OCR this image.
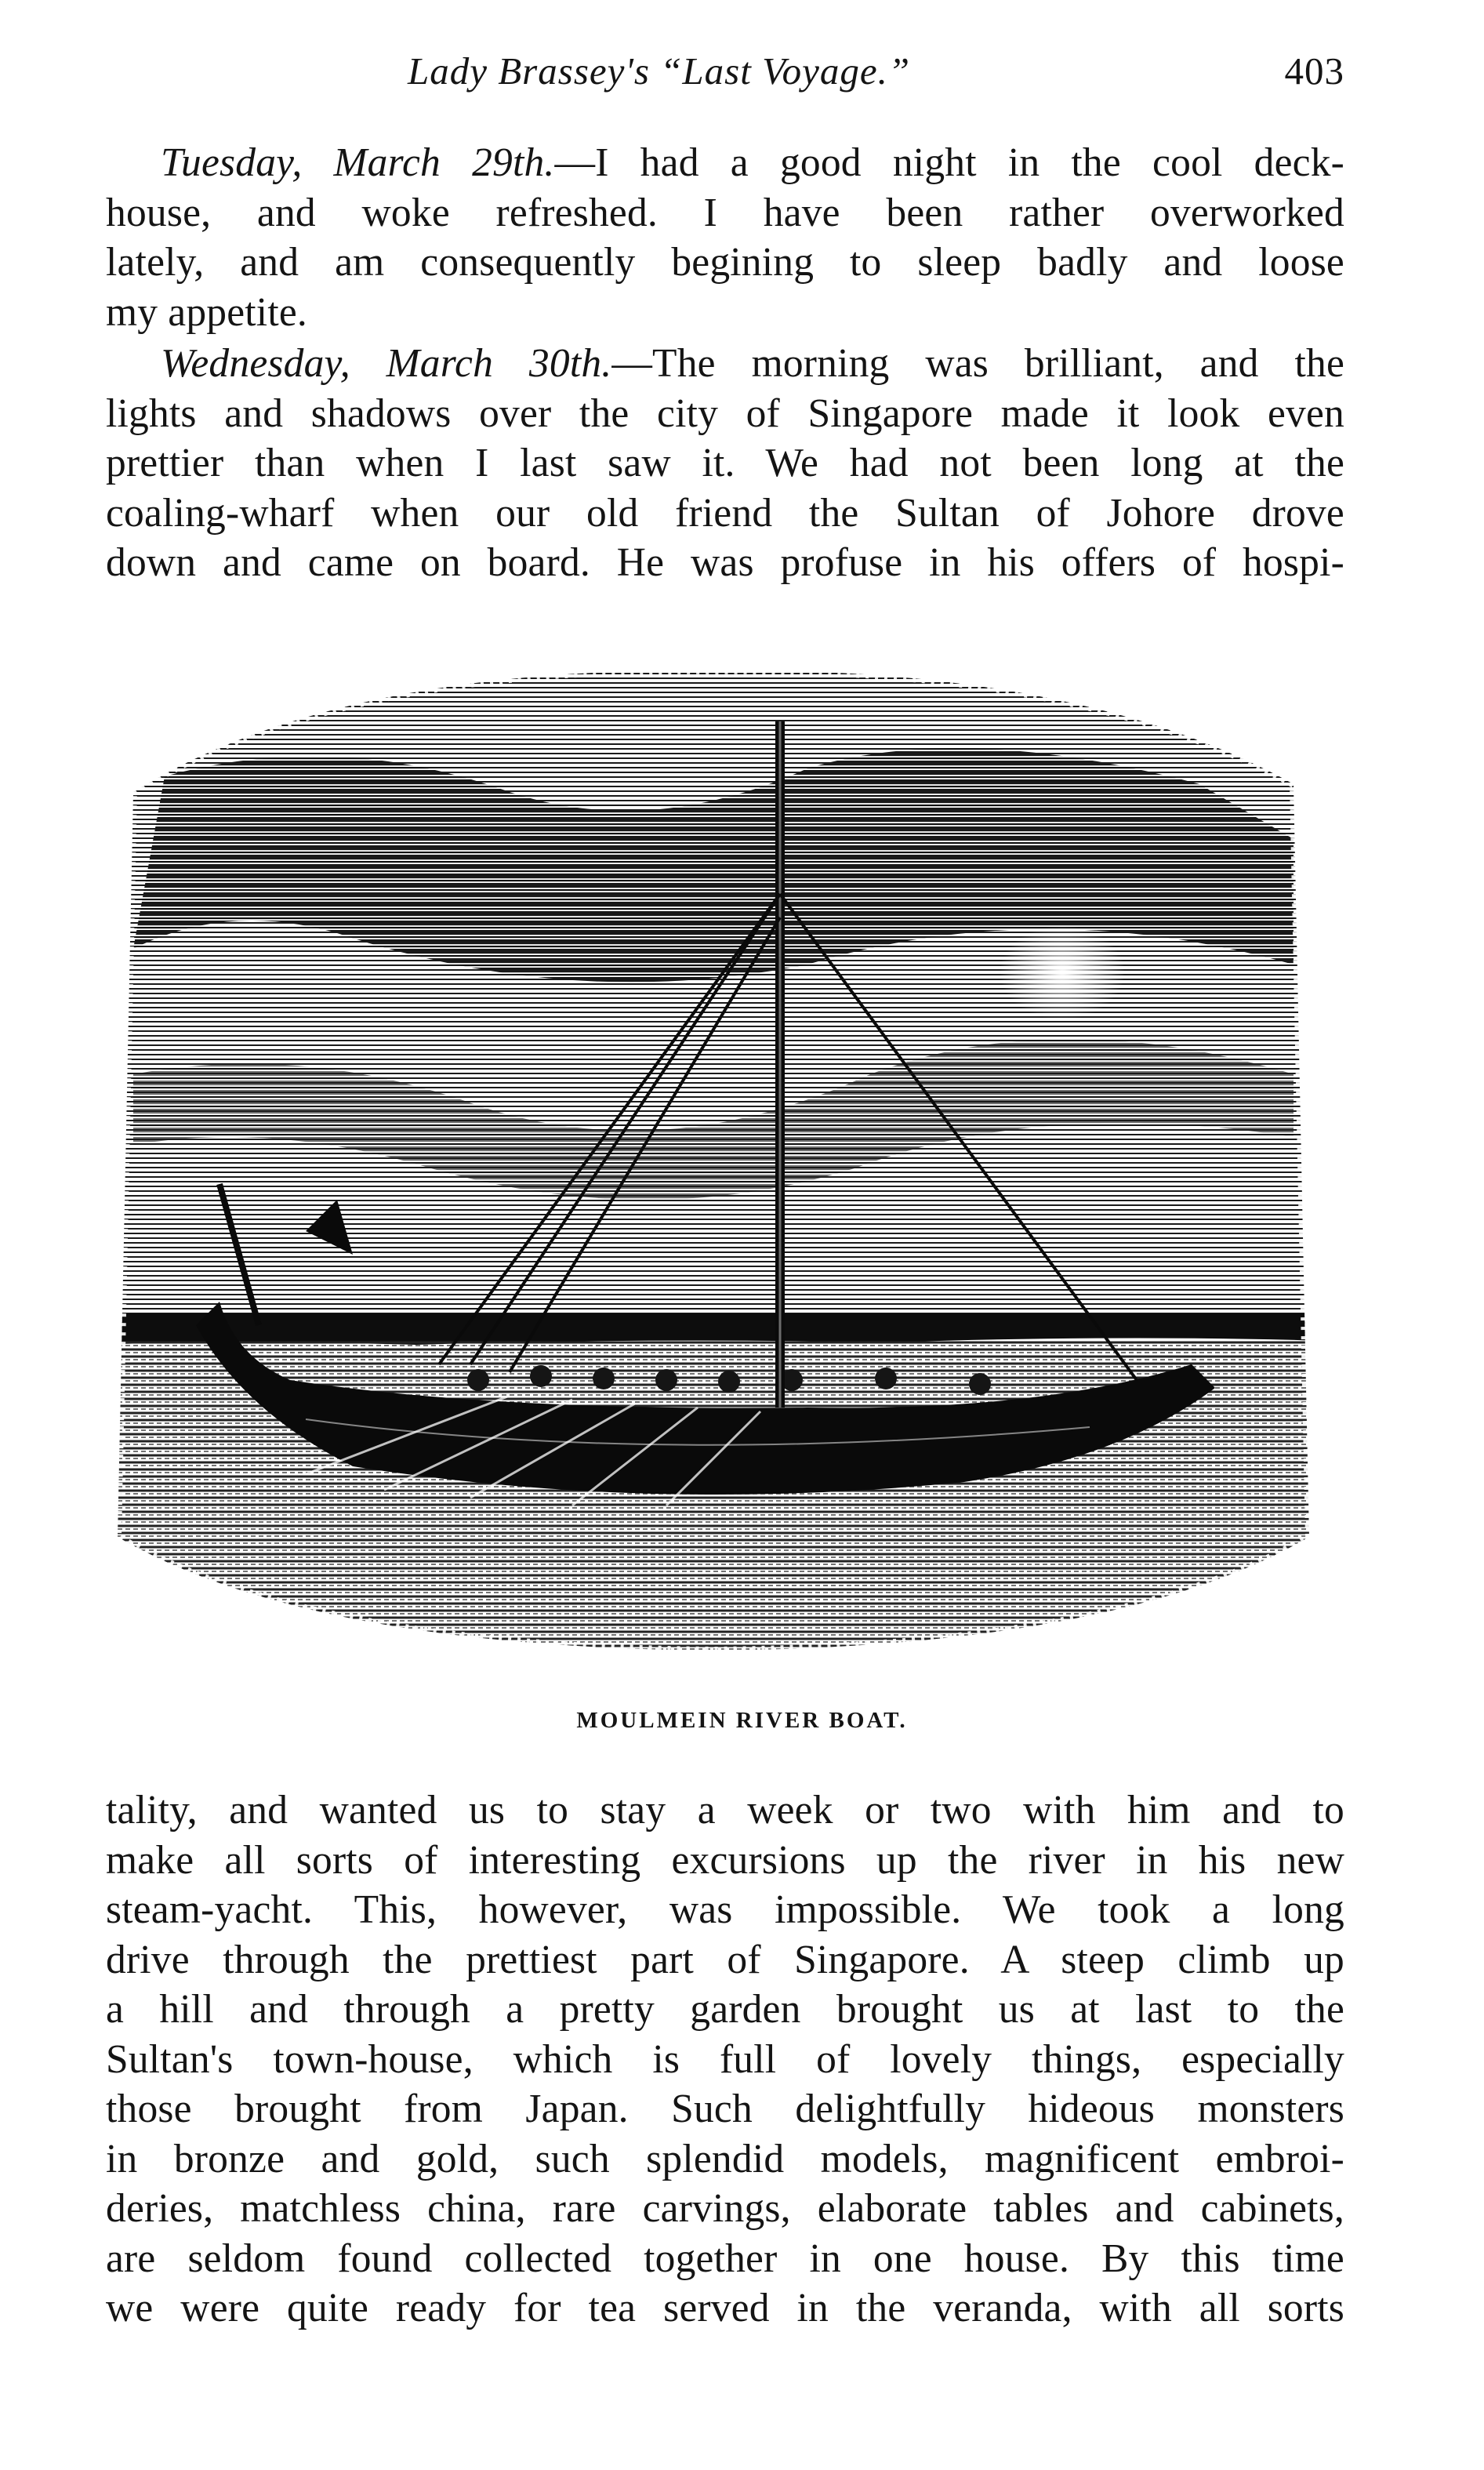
Lady Brassey's “Last Voyage.”	403

Tuesday, March 29th.—I had a good night in the cool deck-
house, and woke refreshed. I have been rather overworked
lately, and am consequently begining to sleep badly and loose
my appetite.

Wednesday, March 30th.—The morning was brilliant, and the
lights and shadows over the city of Singapore made it look even
prettier than when I last saw it. We had not been long at the
coaling-wharf when our old friend the Sultan of Johore drove
down and came on board. He was profuse in his offers of hospi-

MOULMEIN RIVER BOAT.

tality, and wanted us to stay a week or two with him and to
make all sorts of interesting excursions up the river in his new
steam-yacht. This, however, was impossible. We took a long
drive through the prettiest part of Singapore. A steep climb up
a hill and through a pretty garden brought us at last to the
Sultan's town-house, which is full of lovely things, especially
those brought from Japan. Such delightfully hideous monsters
in bronze and gold, such splendid models, magnificent embroi-
deries, matchless china, rare carvings, elaborate tables and cabinets,
are seldom found collected together in one house. By this time
we were quite ready for tea served in the veranda, with all sorts
